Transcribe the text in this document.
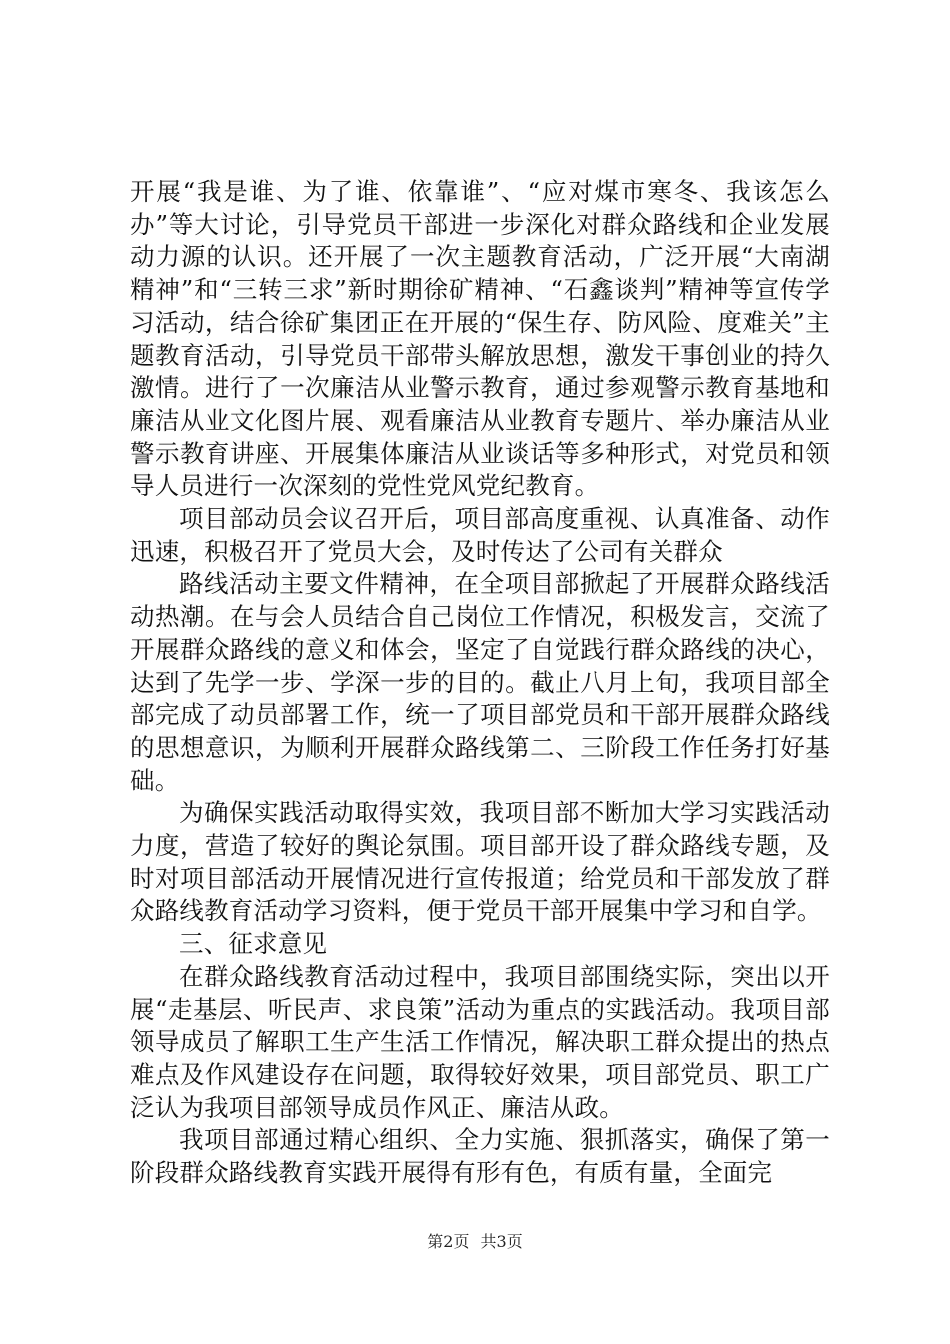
开展“我是谁、为了谁、依靠谁”、“应对煤市寒冬、我该怎么办”等大讨论，引导党员干部进一步深化对群众路线和企业发展动力源的认识。还开展了一次主题教育活动，广泛开展“大南湖精神”和“三转三求”新时期徐矿精神、“石鑫谈判”精神等宣传学习活动，结合徐矿集团正在开展的“保生存、防风险、度难关”主题教育活动，引导党员干部带头解放思想，激发干事创业的持久激情。进行了一次廉洁从业警示教育，通过参观警示教育基地和廉洁从业文化图片展、观看廉洁从业教育专题片、举办廉洁从业警示教育讲座、开展集体廉洁从业谈话等多种形式，对党员和领导人员进行一次深刻的党性党风党纪教育。

项目部动员会议召开后，项目部高度重视、认真准备、动作迅速，积极召开了党员大会，及时传达了公司有关群众

路线活动主要文件精神，在全项目部掀起了开展群众路线活动热潮。在与会人员结合自己岗位工作情况，积极发言，交流了开展群众路线的意义和体会，坚定了自觉践行群众路线的决心，达到了先学一步、学深一步的目的。截止八月上旬，我项目部全部完成了动员部署工作，统一了项目部党员和干部开展群众路线的思想意识，为顺利开展群众路线第二、三阶段工作任务打好基础。

为确保实践活动取得实效，我项目部不断加大学习实践活动力度，营造了较好的舆论氛围。项目部开设了群众路线专题，及时对项目部活动开展情况进行宣传报道；给党员和干部发放了群众路线教育活动学习资料，便于党员干部开展集中学习和自学。

三、征求意见

在群众路线教育活动过程中，我项目部围绕实际，突出以开展“走基层、听民声、求良策”活动为重点的实践活动。我项目部领导成员了解职工生产生活工作情况，解决职工群众提出的热点难点及作风建设存在问题，取得较好效果，项目部党员、职工广泛认为我项目部领导成员作风正、廉洁从政。

我项目部通过精心组织、全力实施、狠抓落实，确保了第一阶段群众路线教育实践开展得有形有色，有质有量，全面完

第2页 共3页
